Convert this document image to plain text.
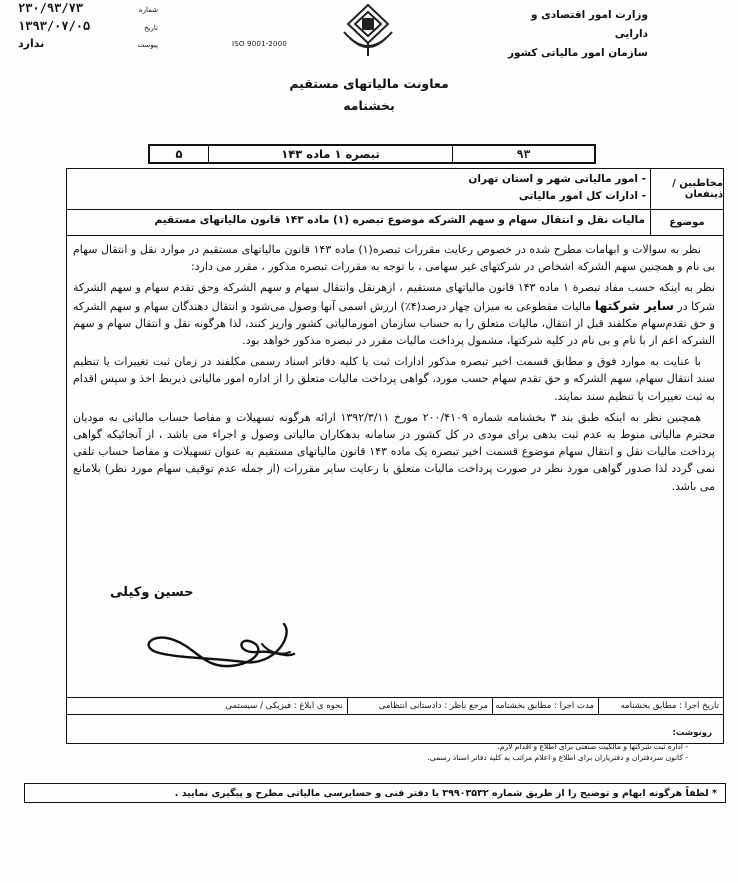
وزارت امور اقتصادی و دارایی
سازمان امور مالیاتی کشور
ISO 9001-2000
شماره
۲۳۰/۹۳/۷۳
تاریخ
۱۳۹۳/۰۷/۰۵
پیوست
ندارد
معاونت مالیاتهای مستقیم
بخشنامه
۹۳
تبصره ۱ ماده ۱۴۳
۵
مخاطبین / ذینفعان
- امور مالیاتی شهر و استان تهران
- ادارات کل امور مالیاتی
موضوع
مالیات نقل و انتقال سهام و سهم الشرکه موضوع تبصره (۱) ماده ۱۴۳ قانون مالیاتهای مستقیم

نظر به سوالات و ابهامات مطرح شده در خصوص رعایت مقررات تبصره(۱) ماده ۱۴۳ قانون مالیاتهای مستقیم در موارد نقل و انتقال سهام بی نام و همچنین سهم الشرکه اشخاص در شرکتهای غیر سهامی ، با توجه به مقررات تبصره مذکور ، مقرر می دارد:

نظر به اینکه حسب مفاد تبصرة ۱ ماده ۱۴۳ قانون مالیاتهای مستقیم ، ازهرنقل وانتقال سهام و سهم الشرکه وحق تقدم سهام و سهم الشرکة شرکا در سایر شرکتها مالیات مقطوعی به میزان چهار درصد(۴٪) ارزش اسمی آنها وصول می‌شود و انتقال دهندگان سهام و سهم الشرکه و حق تقدم‌سهام مکلفند قبل از انتقال، مالیات متعلق را به حساب سازمان امورمالیاتی کشور واریز کنند، لذا هرگونه نقل و انتقال سهام و سهم الشرکه اعم از با نام و بی نام در کلیه شرکتها، مشمول پرداخت مالیات مقرر در تبصره مذکور خواهد بود.

با عنایت به موارد فوق و مطابق قسمت اخیر تبصره مذکور ادارات ثبت یا کلیه دفاتر اسناد رسمی مکلفند در زمان ثبت تغییرات یا تنظیم سند انتقال سهام، سهم الشرکه و حق تقدم سهام حسب مورد، گواهی پرداخت مالیات متعلق را از اداره امور مالیاتی ذیربط اخذ و سپس اقدام به ثبت تغییرات یا تنظیم سند نمایند.

همچنین نظر به اینکه طبق بند ۳ بخشنامه شماره ۲۰۰/۴۱۰۹ مورخ ۱۳۹۲/۳/۱۱ ارائه هرگونه تسهیلات و مفاصا حساب مالیاتی به مودیان محترم مالیاتی منوط به عدم ثبت بدهی برای مودی در کل کشور در سامانه بدهکاران مالیاتی وصول و اجراء می باشد ، از آنجائیکه گواهی پرداخت مالیات نقل و انتقال سهام موضوع قسمت اخیر تبصره یک ماده ۱۴۳ قانون مالیاتهای مستقیم به عنوان تسهیلات و مفاصا حساب تلقی نمی گردد لذا صدور گواهی مورد نظر در صورت پرداخت مالیات متعلق با رعایت سایر مقررات (از جمله عدم توقیف سهام مورد نظر) بلامانع می باشد.

حسین وکیلی
تاریخ اجرا : مطابق بخشنامه
مدت اجرا : مطابق بخشنامه
مرجع ناظر : دادستانی انتظامی
نحوه ی ابلاغ : فیزیکی / سیستمی
رونوشت:
- اداره ثبت شرکتها و مالکیت صنعتی برای اطلاع و اقدام لازم.
- کانون سردفتران و دفتریاران برای اطلاع و اعلام مراتب به کلیه دفاتر اسناد رسمی.
* لطفاً هرگونه ابهام و توضیح را از طریق شماره ۳۹۹۰۳۵۳۲ با دفتر فنی و حسابرسی مالیاتی مطرح و پیگیری نمایید .
